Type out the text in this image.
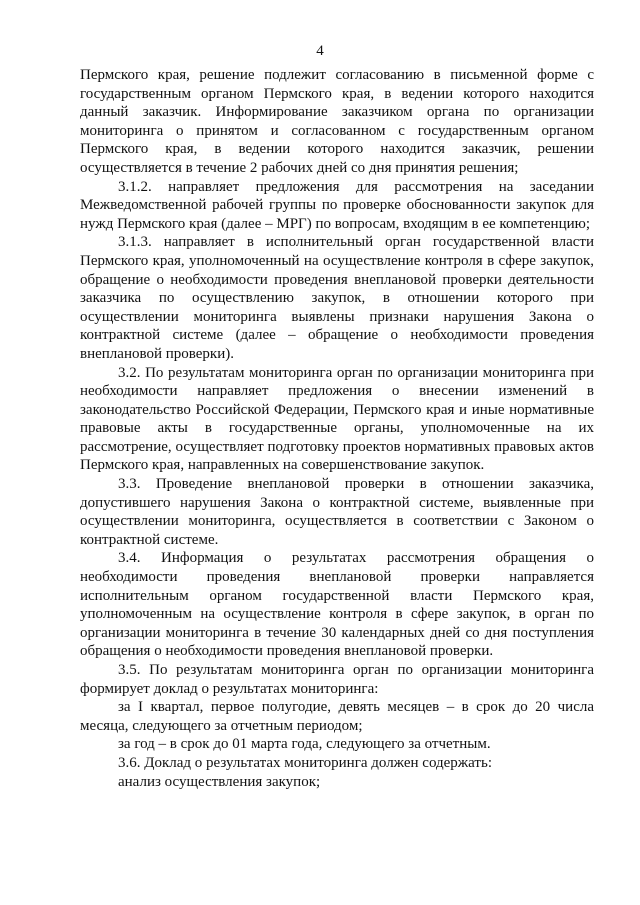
4

Пермского края, решение подлежит согласованию в письменной форме с государственным органом Пермского края, в ведении которого находится данный заказчик. Информирование заказчиком органа по организации мониторинга о принятом и согласованном с государственным органом Пермского края, в ведении которого находится заказчик, решении осуществляется в течение 2 рабочих дней со дня принятия решения;

3.1.2. направляет предложения для рассмотрения на заседании Межведомственной рабочей группы по проверке обоснованности закупок для нужд Пермского края (далее – МРГ) по вопросам, входящим в ее компетенцию;

3.1.3. направляет в исполнительный орган государственной власти Пермского края, уполномоченный на осуществление контроля в сфере закупок, обращение о необходимости проведения внеплановой проверки деятельности заказчика по осуществлению закупок, в отношении которого при осуществлении мониторинга выявлены признаки нарушения Закона о контрактной системе (далее – обращение о необходимости проведения внеплановой проверки).

3.2. По результатам мониторинга орган по организации мониторинга при необходимости направляет предложения о внесении изменений в законодательство Российской Федерации, Пермского края и иные нормативные правовые акты в государственные органы, уполномоченные на их рассмотрение, осуществляет подготовку проектов нормативных правовых актов Пермского края, направленных на совершенствование закупок.

3.3. Проведение внеплановой проверки в отношении заказчика, допустившего нарушения Закона о контрактной системе, выявленные при осуществлении мониторинга, осуществляется в соответствии с Законом о контрактной системе.

3.4. Информация о результатах рассмотрения обращения о необходимости проведения внеплановой проверки направляется исполнительным органом государственной власти Пермского края, уполномоченным на осуществление контроля в сфере закупок, в орган по организации мониторинга в течение 30 календарных дней со дня поступления обращения о необходимости проведения внеплановой проверки.

3.5. По результатам мониторинга орган по организации мониторинга формирует доклад о результатах мониторинга:

за I квартал, первое полугодие, девять месяцев – в срок до 20 числа месяца, следующего за отчетным периодом;

за год – в срок до 01 марта года, следующего за отчетным.

3.6. Доклад о результатах мониторинга должен содержать:

анализ осуществления закупок;
